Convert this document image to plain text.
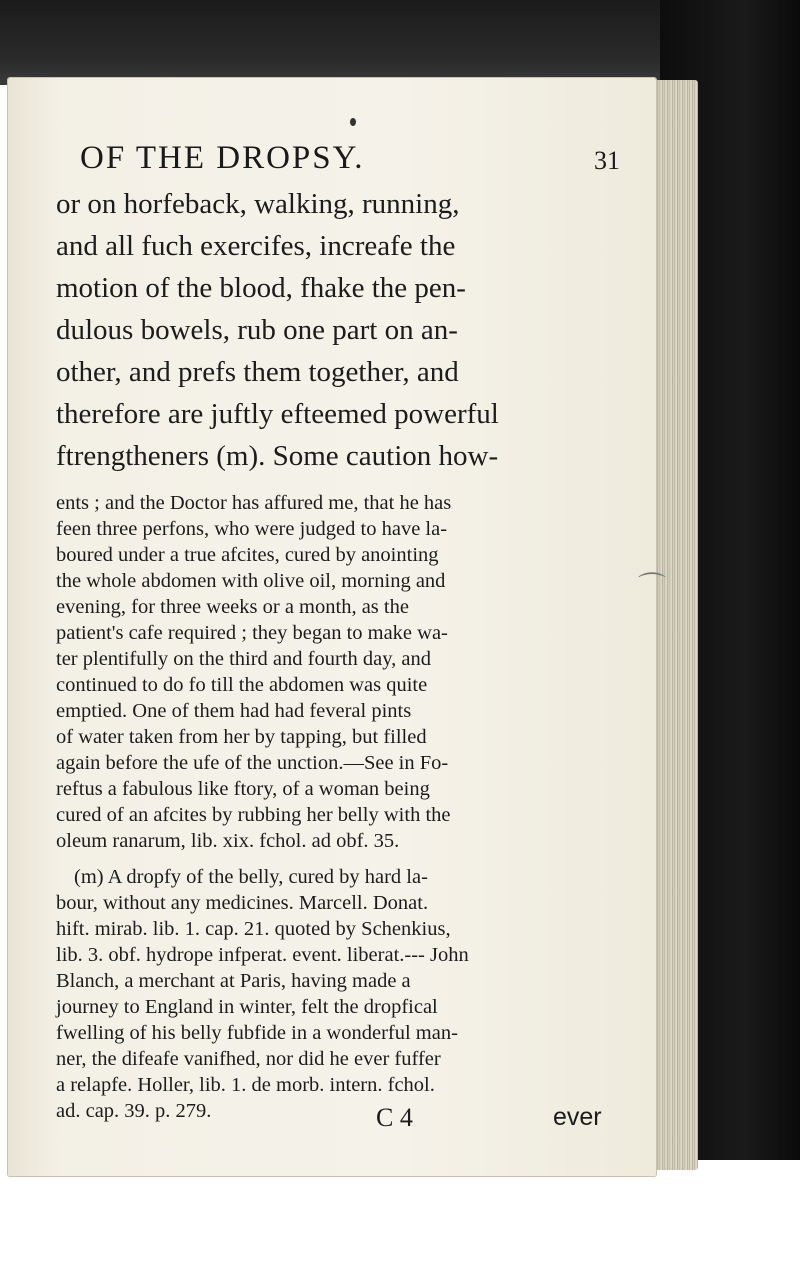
⌒
OF THE DROPSY.	31
or on horfeback, walking, running,
and all fuch exercifes, increafe the
motion of the blood, fhake the pen-
dulous bowels, rub one part on an-
other, and prefs them together, and
therefore are juftly efteemed powerful
ftrengtheners (m). Some caution how-
ents ; and the Doctor has affured me, that he has
feen three perfons, who were judged to have la-
boured under a true afcites, cured by anointing
the whole abdomen with olive oil, morning and
evening, for three weeks or a month, as the
patient's cafe required ; they began to make wa-
ter plentifully on the third and fourth day, and
continued to do fo till the abdomen was quite
emptied. One of them had had feveral pints
of water taken from her by tapping, but filled
again before the ufe of the unction.—See in Fo-
reftus a fabulous like ftory, of a woman being
cured of an afcites by rubbing her belly with the
oleum ranarum, lib. xix. fchol. ad obf. 35.
(m) A dropfy of the belly, cured by hard la-
bour, without any medicines. Marcell. Donat.
hift. mirab. lib. 1. cap. 21. quoted by Schenkius,
lib. 3. obf. hydrope infperat. event. liberat.--- John
Blanch, a merchant at Paris, having made a
journey to England in winter, felt the dropfical
fwelling of his belly fubfide in a wonderful man-
ner, the difeafe vanifhed, nor did he ever fuffer
a relapfe. Holler, lib. 1. de morb. intern. fchol.
ad. cap. 39. p. 279.	C 4	ever
